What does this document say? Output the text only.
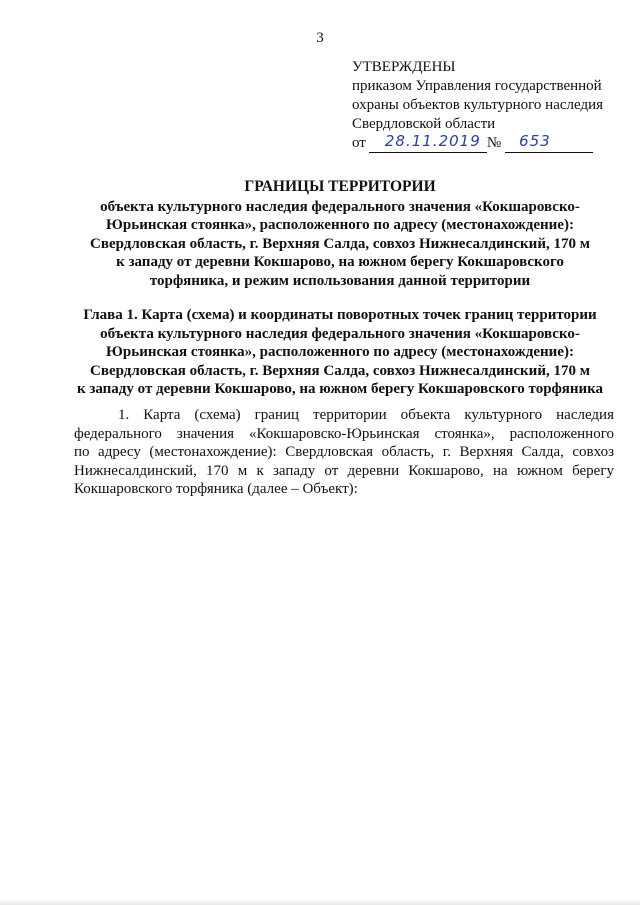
3
УТВЕРЖДЕНЫ
приказом Управления государственной
охраны объектов культурного наследия
Свердловской области
от 28.11.2019 № 653
ГРАНИЦЫ ТЕРРИТОРИИ
объекта культурного наследия федерального значения «Кокшаровско-
Юрьинская стоянка», расположенного по адресу (местонахождение):
Свердловская область, г. Верхняя Салда, совхоз Нижнесалдинский, 170 м
к западу от деревни Кокшарово, на южном берегу Кокшаровского
торфяника, и режим использования данной территории
Глава 1. Карта (схема) и координаты поворотных точек границ территории
объекта культурного наследия федерального значения «Кокшаровско-
Юрьинская стоянка», расположенного по адресу (местонахождение):
Свердловская область, г. Верхняя Салда, совхоз Нижнесалдинский, 170 м
к западу от деревни Кокшарово, на южном берегу Кокшаровского торфяника
1. Карта (схема) границ территории объекта культурного наследия
федерального значения «Кокшаровско-Юрьинская стоянка», расположенного
по адресу (местонахождение): Свердловская область, г. Верхняя Салда, совхоз
Нижнесалдинский, 170 м к западу от деревни Кокшарово, на южном берегу
Кокшаровского торфяника (далее – Объект):
